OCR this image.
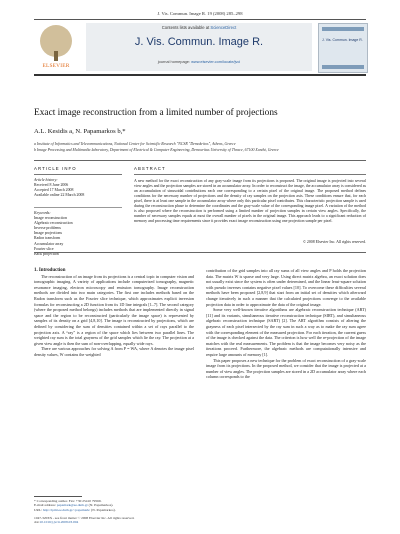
J. Vis. Commun. Image R. 19 (2008) 285–298
ELSEVIER
Contents lists available at ScienceDirect
J. Vis. Commun. Image R.
journal homepage: www.elsevier.com/locate/jvci
J. Vis. Commun. Image R.
Exact image reconstruction from a limited number of projections
A.L. Kesidis a, N. Papamarkos b,*
a Institute of Informatics and Telecommunications, National Center for Scientific Research "NCSR "Demokritos", Athens, Greece
b Image Processing and Multimedia laboratory, Department of Electrical & Computer Engineering, Democritus University of Thrace, 67100 Xanthi, Greece
ARTICLE INFO	ABSTRACT
Article history:
Received 8 June 2006
Accepted 17 March 2008
Available online 22 March 2008
Keywords:
Image reconstruction
Algebraic reconstruction
Inverse problems
Image projections
Radon transform
Accumulator array
Fourier slice
Back projection
A new method for the exact reconstruction of any gray-scale image from its projections is proposed. The original image is projected into several view angles and the projection samples are stored in an accumulator array. In order to reconstruct the image, the accumulator array is considered as an accumulation of sinusoidal contributions each one corresponding to a certain pixel of the original image. The proposed method defines conditions for the necessary number of projections and the density of ray samples on the projection axis. These conditions ensure that, for each pixel, there is at least one sample in the accumulator array where only this particular pixel contributes. This characteristic projection sample is used during the reconstruction phase to determine the coordinates and the gray-scale value of the corresponding image pixel. A variation of the method is also proposed where the reconstruction is performed using a limited number of projection samples in certain view angles. Specifically, the number of necessary samples equals at most the overall number of pixels in the original image. This approach leads to a significant reduction of memory and processing time requirements since it provides exact image reconstruction using one projection sample per pixel.
© 2008 Elsevier Inc. All rights reserved.

1. Introduction

The reconstruction of an image from its projections is a central topic in computer vision and tomographic imaging. A variety of applications include computerized tomography, magnetic resonance imaging, electron microscopy and emission tomography. Image reconstruction methods are divided into two main categories. The first one includes methods based on the Radon transform such as the Fourier slice technique, which approximates explicit inversion formulas for reconstructing a 2D function from its 1D line integrals [1–7]. The second category (where the proposed method belongs) includes methods that are implemented directly in signal space and the region to be reconstructed (particularly the image space) is represented by samples of its density on a grid [4,8,10]. The image is reconstructed by projections, which are defined by considering the sum of densities contained within a set of rays parallel to the projection axis. A “ray” is a region of the space which lies between two parallel lines. The weighted ray sum is the total grayness of the grid samples which lie the ray. The projection at a given view angle is then the sum of non-overlapping, equally wide rays.

There are various approaches for solving A from P = WA, where A denotes the image pixel density values, W contains the weighted

contribution of the grid samples into all ray sums of all view angles and P holds the projection data. The matrix W is sparse and very large. Using direct matrix algebra, an exact solution does not usually exist since the system is often under determined, and the linear least-square solution with pseudo inverses contains negative pixel values [10]. To overcome these difficulties several methods have been proposed [2,8,9] that start from an initial set of densities which afterward change iteratively in such a manner that the calculated projections converge to the available projection data in order to approximate the data of the original image.

Some very well-known iterative algorithms are algebraic reconstruction technique (ART) [11] and its variants, simultaneous iterative reconstruction technique (SIRT), and simultaneous algebraic reconstruction technique (SART) [2]. The ART algorithm consists of altering the grayness of each pixel intersected by the ray sum in such a way as to make the ray sum agree with the corresponding element of the measured projection. For each iteration, the current guess of the image is checked against the data. The criterion is how well the re-projection of the image matches with the real measurements. The problem is that the image becomes very noisy as the iterations proceed. Furthermore, the algebraic methods are computationally intensive and require large amounts of memory [1].

This paper proposes a new technique for the problem of exact reconstruction of a gray-scale image from its projections. In the proposed method, we consider that the image is projected at a number of view angles. The projection samples are stored in a 2D accumulator array where each column corresponds to the

* Corresponding author. Fax: +30 25410 79569.
E-mail address: papamark@ee.duth.gr (N. Papamarkos).
URL: http://ipml.ee.duth.gr/~papamark/ (N. Papamarkos).
1047-3203/$ - see front matter © 2008 Elsevier Inc. All rights reserved.
doi:10.1016/j.jvcir.2008.03.004
